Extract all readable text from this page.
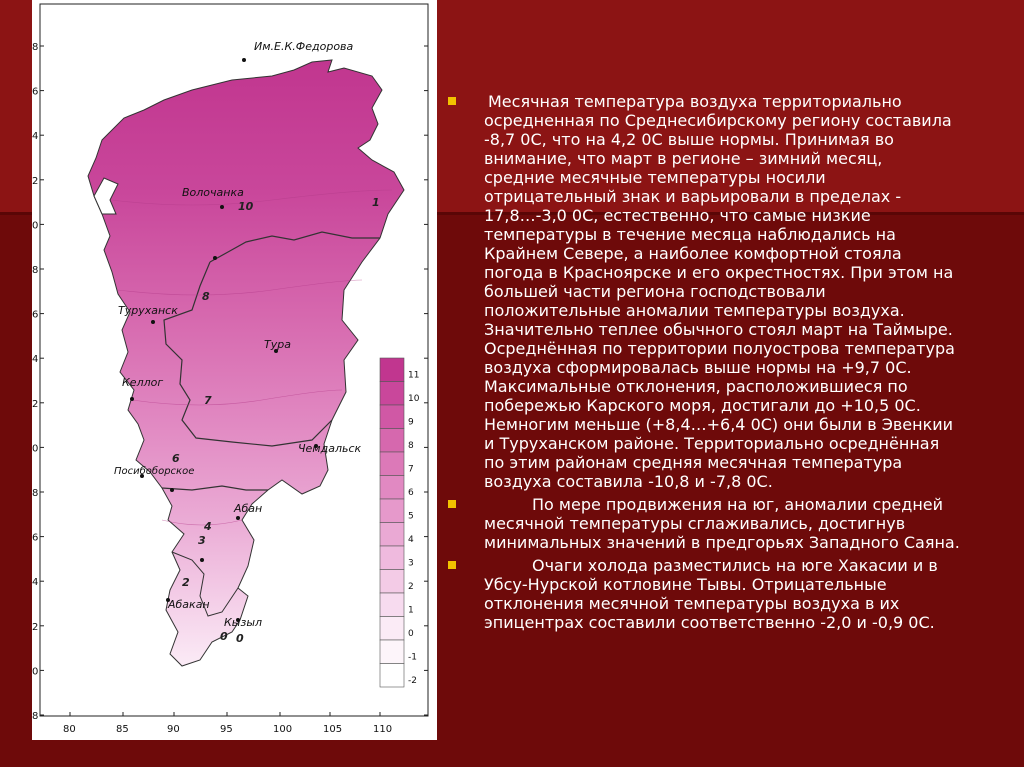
11
10
9
8
7
6
5
4
3
2
1
0
-1
-2
80	85	90	95	100	105	110
8
6
4
2
0
8
6
4
2
0
8
6
4
2
0
8
Им.Е.К.Федорова
Волочанка
Туруханск
Тура
Келлог
Чемдальск
Посибоборское
Абан
Абакан
Кызыл
10
8
7
6
4
3
2
0 0
1
Месячная температура воздуха территориально
осредненная по Среднесибирскому региону составила
-8,7 0С, что на 4,2 0С выше нормы. Принимая во
внимание, что март в регионе – зимний месяц,
средние месячные температуры носили
отрицательный знак и варьировали в пределах -
17,8…-3,0 0С, естественно, что самые низкие
температуры в течение месяца наблюдались на
Крайнем Севере, а наиболее комфортной стояла
погода в Красноярске и его окрестностях. При этом на
большей части региона господствовали
положительные аномалии температуры воздуха.
Значительно теплее обычного стоял март на Таймыре.
Осреднённая по территории полуострова температура
воздуха сформировалась выше нормы на +9,7 0С.
Максимальные отклонения, расположившиеся по
побережью Карского моря, достигали до +10,5 0С.
Немногим меньше (+8,4…+6,4 0С) они были в Эвенкии
и Туруханском районе. Территориально осреднённая
по этим районам средняя месячная температура
воздуха составила -10,8 и -7,8 0С.
По мере продвижения на юг, аномалии средней
месячной температуры сглаживались, достигнув
минимальных значений в предгорьях Западного Саяна.
Очаги холода разместились на юге Хакасии и в
Убсу-Нурской котловине Тывы. Отрицательные
отклонения месячной температуры воздуха в их
эпицентрах составили соответственно -2,0 и -0,9 0С.
